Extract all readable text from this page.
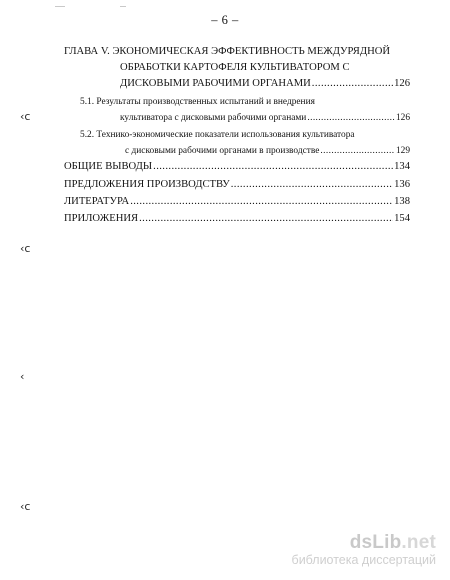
– 6 –
ГЛАВА V. ЭКОНОМИЧЕСКАЯ ЭФФЕКТИВНОСТЬ МЕЖДУРЯДНОЙ
ОБРАБОТКИ КАРТОФЕЛЯ КУЛЬТИВАТОРОМ С
ДИСКОВЫМИ РАБОЧИМИ ОРГАНАМИ .....	126
5.1. Результаты производственных испытаний и внедрения
культиватора с дисковыми рабочими органами .....	126
5.2. Технико-экономические показатели использования культиватора
с дисковыми рабочими органами в производстве .....	129
ОБЩИЕ ВЫВОДЫ .....	134
ПРЕДЛОЖЕНИЯ ПРОИЗВОДСТВУ .....	136
ЛИТЕРАТУРА .....	138
ПРИЛОЖЕНИЯ .....	154
‹с
‹с
‹
‹с
dsLib.net
библиотека диссертаций
